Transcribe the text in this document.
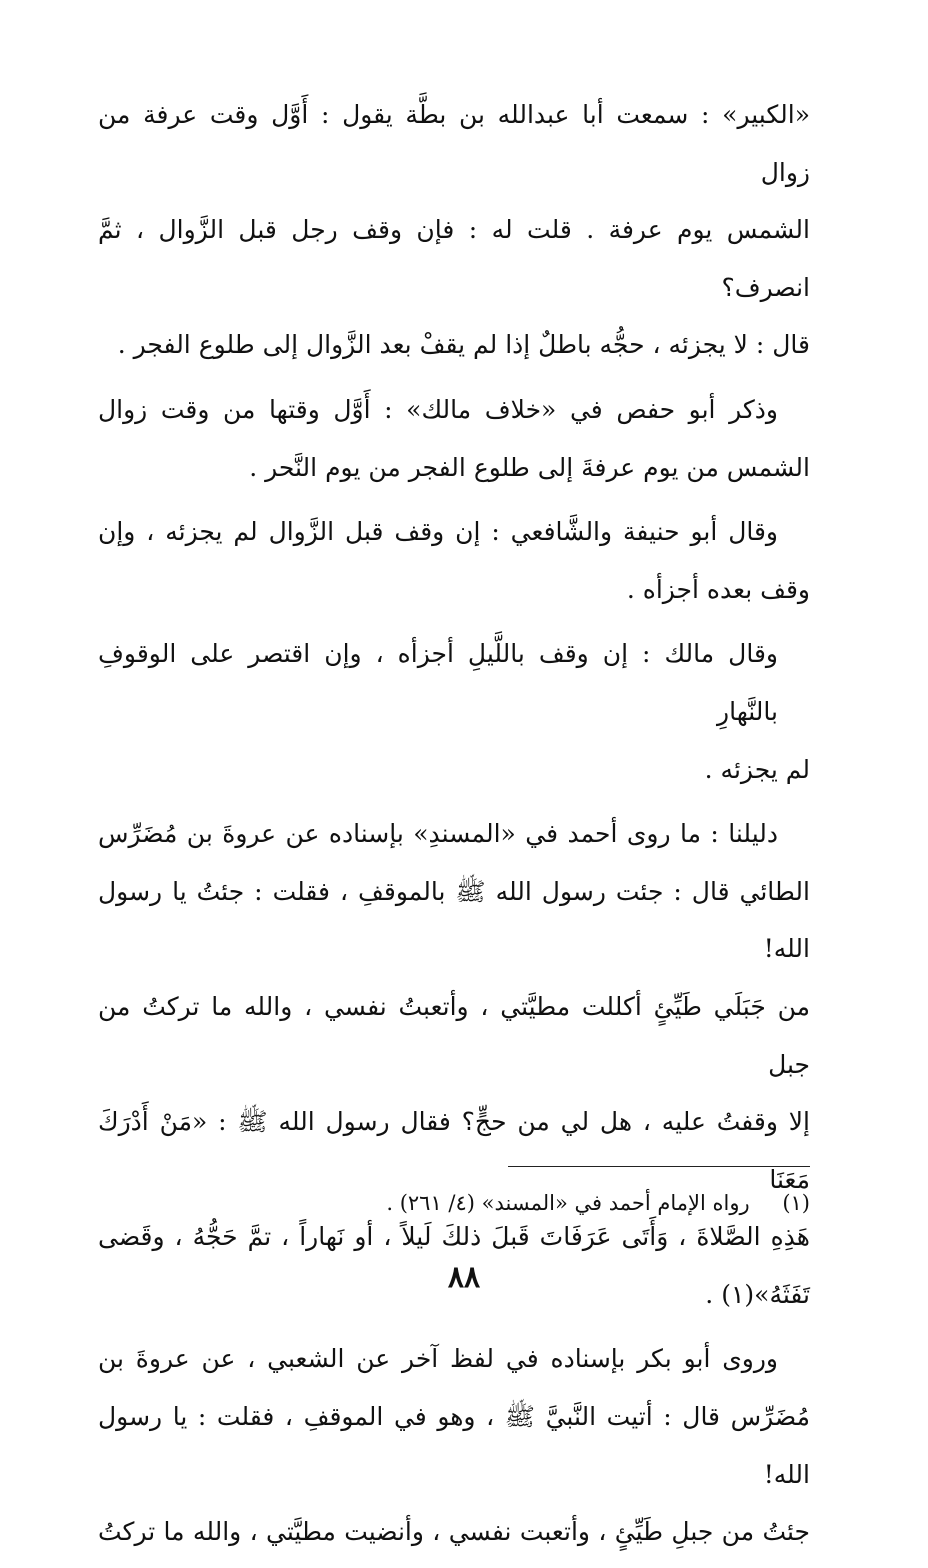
«الكبير» : سمعت أبا عبدالله بن بطَّة يقول : أَوَّل وقت عرفة من زوال
الشمس يوم عرفة . قلت له : فإن وقف رجل قبل الزَّوال ، ثمَّ انصرف؟
قال : لا يجزئه ، حجُّه باطلٌ إذا لم يقفْ بعد الزَّوال إلى طلوع الفجر .

وذكر أبو حفص في «خلاف مالك» : أَوَّل وقتها من وقت زوال
الشمس من يوم عرفةَ إلى طلوع الفجر من يوم النَّحر .

وقال أبو حنيفة والشَّافعي : إن وقف قبل الزَّوال لم يجزئه ، وإن
وقف بعده أجزأه .

وقال مالك : إن وقف باللَّيلِ أجزأه ، وإن اقتصر على الوقوفِ بالنَّهارِ
لم يجزئه .

دليلنا : ما روى أحمد في «المسندِ» بإسناده عن عروةَ بن مُضَرِّس
الطائي قال : جئت رسول الله ﷺ بالموقفِ ، فقلت : جئتُ يا رسول الله!
من جَبَلَي طَيِّئٍ أكللت مطيَّتي ، وأتعبتُ نفسي ، والله ما تركتُ من جبل
إلا وقفتُ عليه ، هل لي من حجٍّ؟ فقال رسول الله ﷺ : «مَنْ أَدْرَكَ مَعَنَا
هَذِهِ الصَّلاةَ ، وَأَتَى عَرَفَاتَ قَبلَ ذلكَ لَيلاً ، أو نَهاراً ، تمَّ حَجُّهُ ، وقَضى
تَفَثَهُ»(١) .

وروى أبو بكر بإسناده في لفظ آخر عن الشعبي ، عن عروةَ بن
مُضَرِّس قال : أتيت النَّبيَّ ﷺ ، وهو في الموقفِ ، فقلت : يا رسول الله!
جئتُ من جبلِ طَيِّئٍ ، وأتعبت نفسي ، وأنضيت مطيَّتي ، والله ما تركتُ

(١) رواه الإمام أحمد في «المسند» (٤/ ٢٦١) .
٨٨
